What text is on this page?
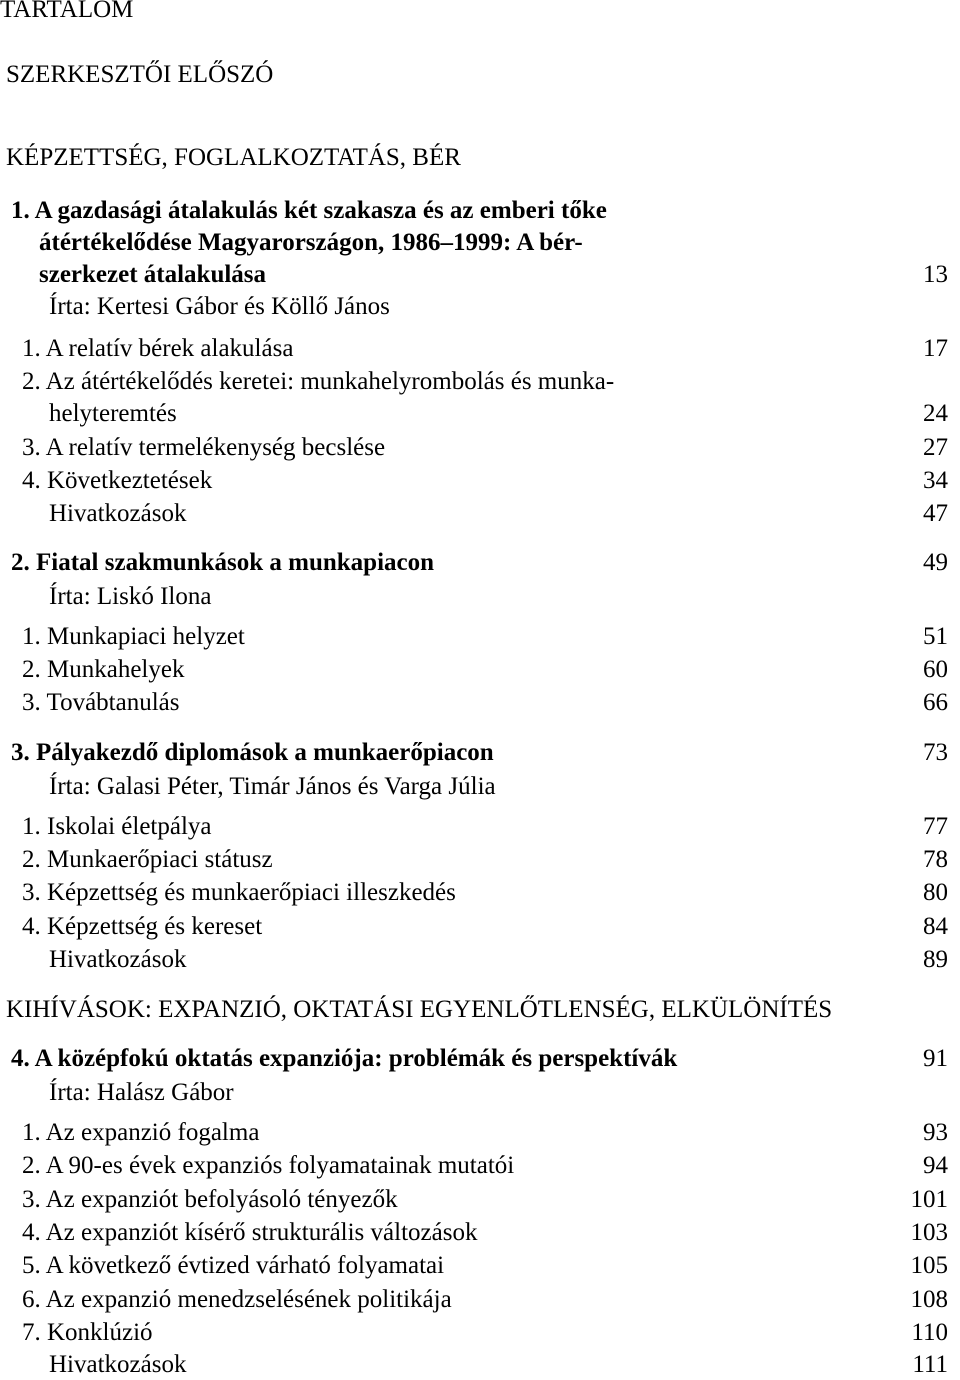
TARTALOM
SZERKESZTŐI ELŐSZÓ
KÉPZETTSÉG, FOGLALKOZTATÁS, BÉR
1. A gazdasági átalakulás két szakasza és az emberi tőke
átértékelődése Magyarországon, 1986–1999: A bér-
szerkezet átalakulása	13
Írta: Kertesi Gábor és Köllő János
1. A relatív bérek alakulása	17
2. Az átértékelődés keretei: munkahelyrombolás és munka-
helyteremtés	24
3. A relatív termelékenység becslése	27
4. Következtetések	34
Hivatkozások	47
2. Fiatal szakmunkások a munkapiacon	49
Írta: Liskó Ilona
1. Munkapiaci helyzet	51
2. Munkahelyek	60
3. Továbtanulás	66
3. Pályakezdő diplomások a munkaerőpiacon	73
Írta: Galasi Péter, Timár János és Varga Júlia
1. Iskolai életpálya	77
2. Munkaerőpiaci státusz	78
3. Képzettség és munkaerőpiaci illeszkedés	80
4. Képzettség és kereset	84
Hivatkozások	89
KIHÍVÁSOK: EXPANZIÓ, OKTATÁSI EGYENLŐTLENSÉG, ELKÜLÖNÍTÉS
4. A középfokú oktatás expanziója: problémák és perspektívák	91
Írta: Halász Gábor
1. Az expanzió fogalma	93
2. A 90-es évek expanziós folyamatainak mutatói	94
3. Az expanziót befolyásoló tényezők	101
4. Az expanziót kísérő strukturális változások	103
5. A következő évtized várható folyamatai	105
6. Az expanzió menedzselésének politikája	108
7. Konklúzió	110
Hivatkozások	111
